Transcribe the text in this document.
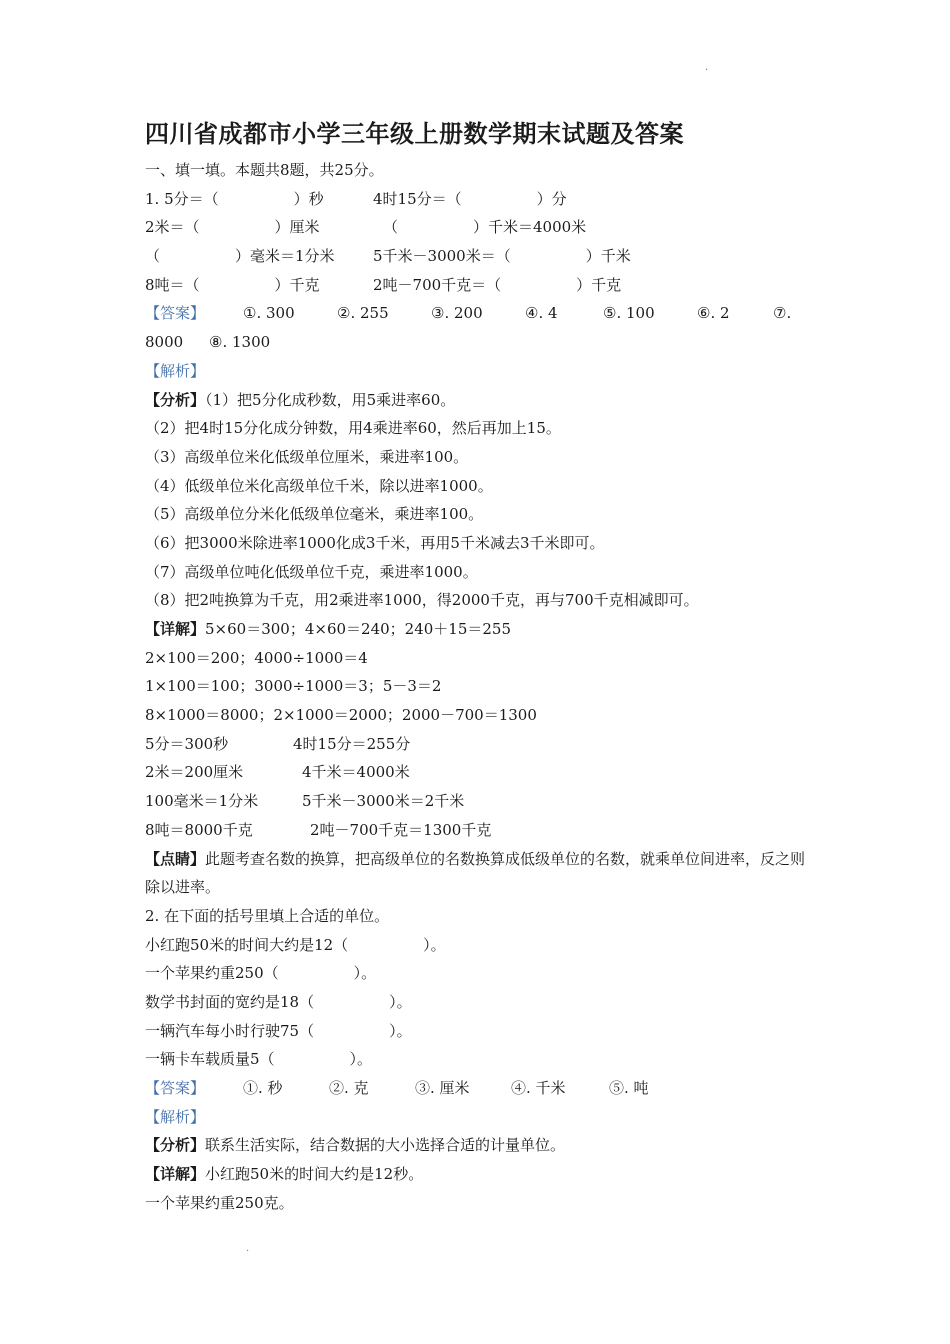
.
.
四川省成都市小学三年级上册数学期末试题及答案
一、填一填。本题共8题，共25分。
1. 5分＝（　　　　　）秒	4时15分＝（　　　　　）分
2米＝（　　　　　）厘米	（　　　　　）千米＝4000米
（　　　　　）毫米＝1分米	5千米－3000米＝（　　　　　）千米
8吨＝（　　　　　）千克	2吨－700千克＝（　　　　　）千克
【答案】	①. 300	②. 255	③. 200	④. 4	⑤. 100	⑥. 2	⑦.
8000 ⑧. 1300
【解析】
【分析】（1）把5分化成秒数，用5乘进率60。
（2）把4时15分化成分钟数，用4乘进率60，然后再加上15。
（3）高级单位米化低级单位厘米，乘进率100。
（4）低级单位米化高级单位千米，除以进率1000。
（5）高级单位分米化低级单位毫米，乘进率100。
（6）把3000米除进率1000化成3千米，再用5千米减去3千米即可。
（7）高级单位吨化低级单位千克，乘进率1000。
（8）把2吨换算为千克，用2乘进率1000，得2000千克，再与700千克相减即可。
【详解】5×60＝300；4×60＝240；240＋15＝255
2×100＝200；4000÷1000＝4
1×100＝100；3000÷1000＝3；5－3＝2
8×1000＝8000；2×1000＝2000；2000－700＝1300
5分＝300秒	4时15分＝255分
2米＝200厘米	4千米＝4000米
100毫米＝1分米	5千米－3000米＝2千米
8吨＝8000千克	2吨－700千克＝1300千克
【点睛】此题考查名数的换算，把高级单位的名数换算成低级单位的名数，就乘单位间进率，反之则除以进率。
2. 在下面的括号里填上合适的单位。
小红跑50米的时间大约是12（　　　　　）。
一个苹果约重250（　　　　　）。
数学书封面的宽约是18（　　　　　）。
一辆汽车每小时行驶75（　　　　　）。
一辆卡车载质量5（　　　　　）。
【答案】	①. 秒	②. 克	③. 厘米	④. 千米	⑤. 吨
【解析】
【分析】联系生活实际，结合数据的大小选择合适的计量单位。
【详解】小红跑50米的时间大约是12秒。
一个苹果约重250克。
